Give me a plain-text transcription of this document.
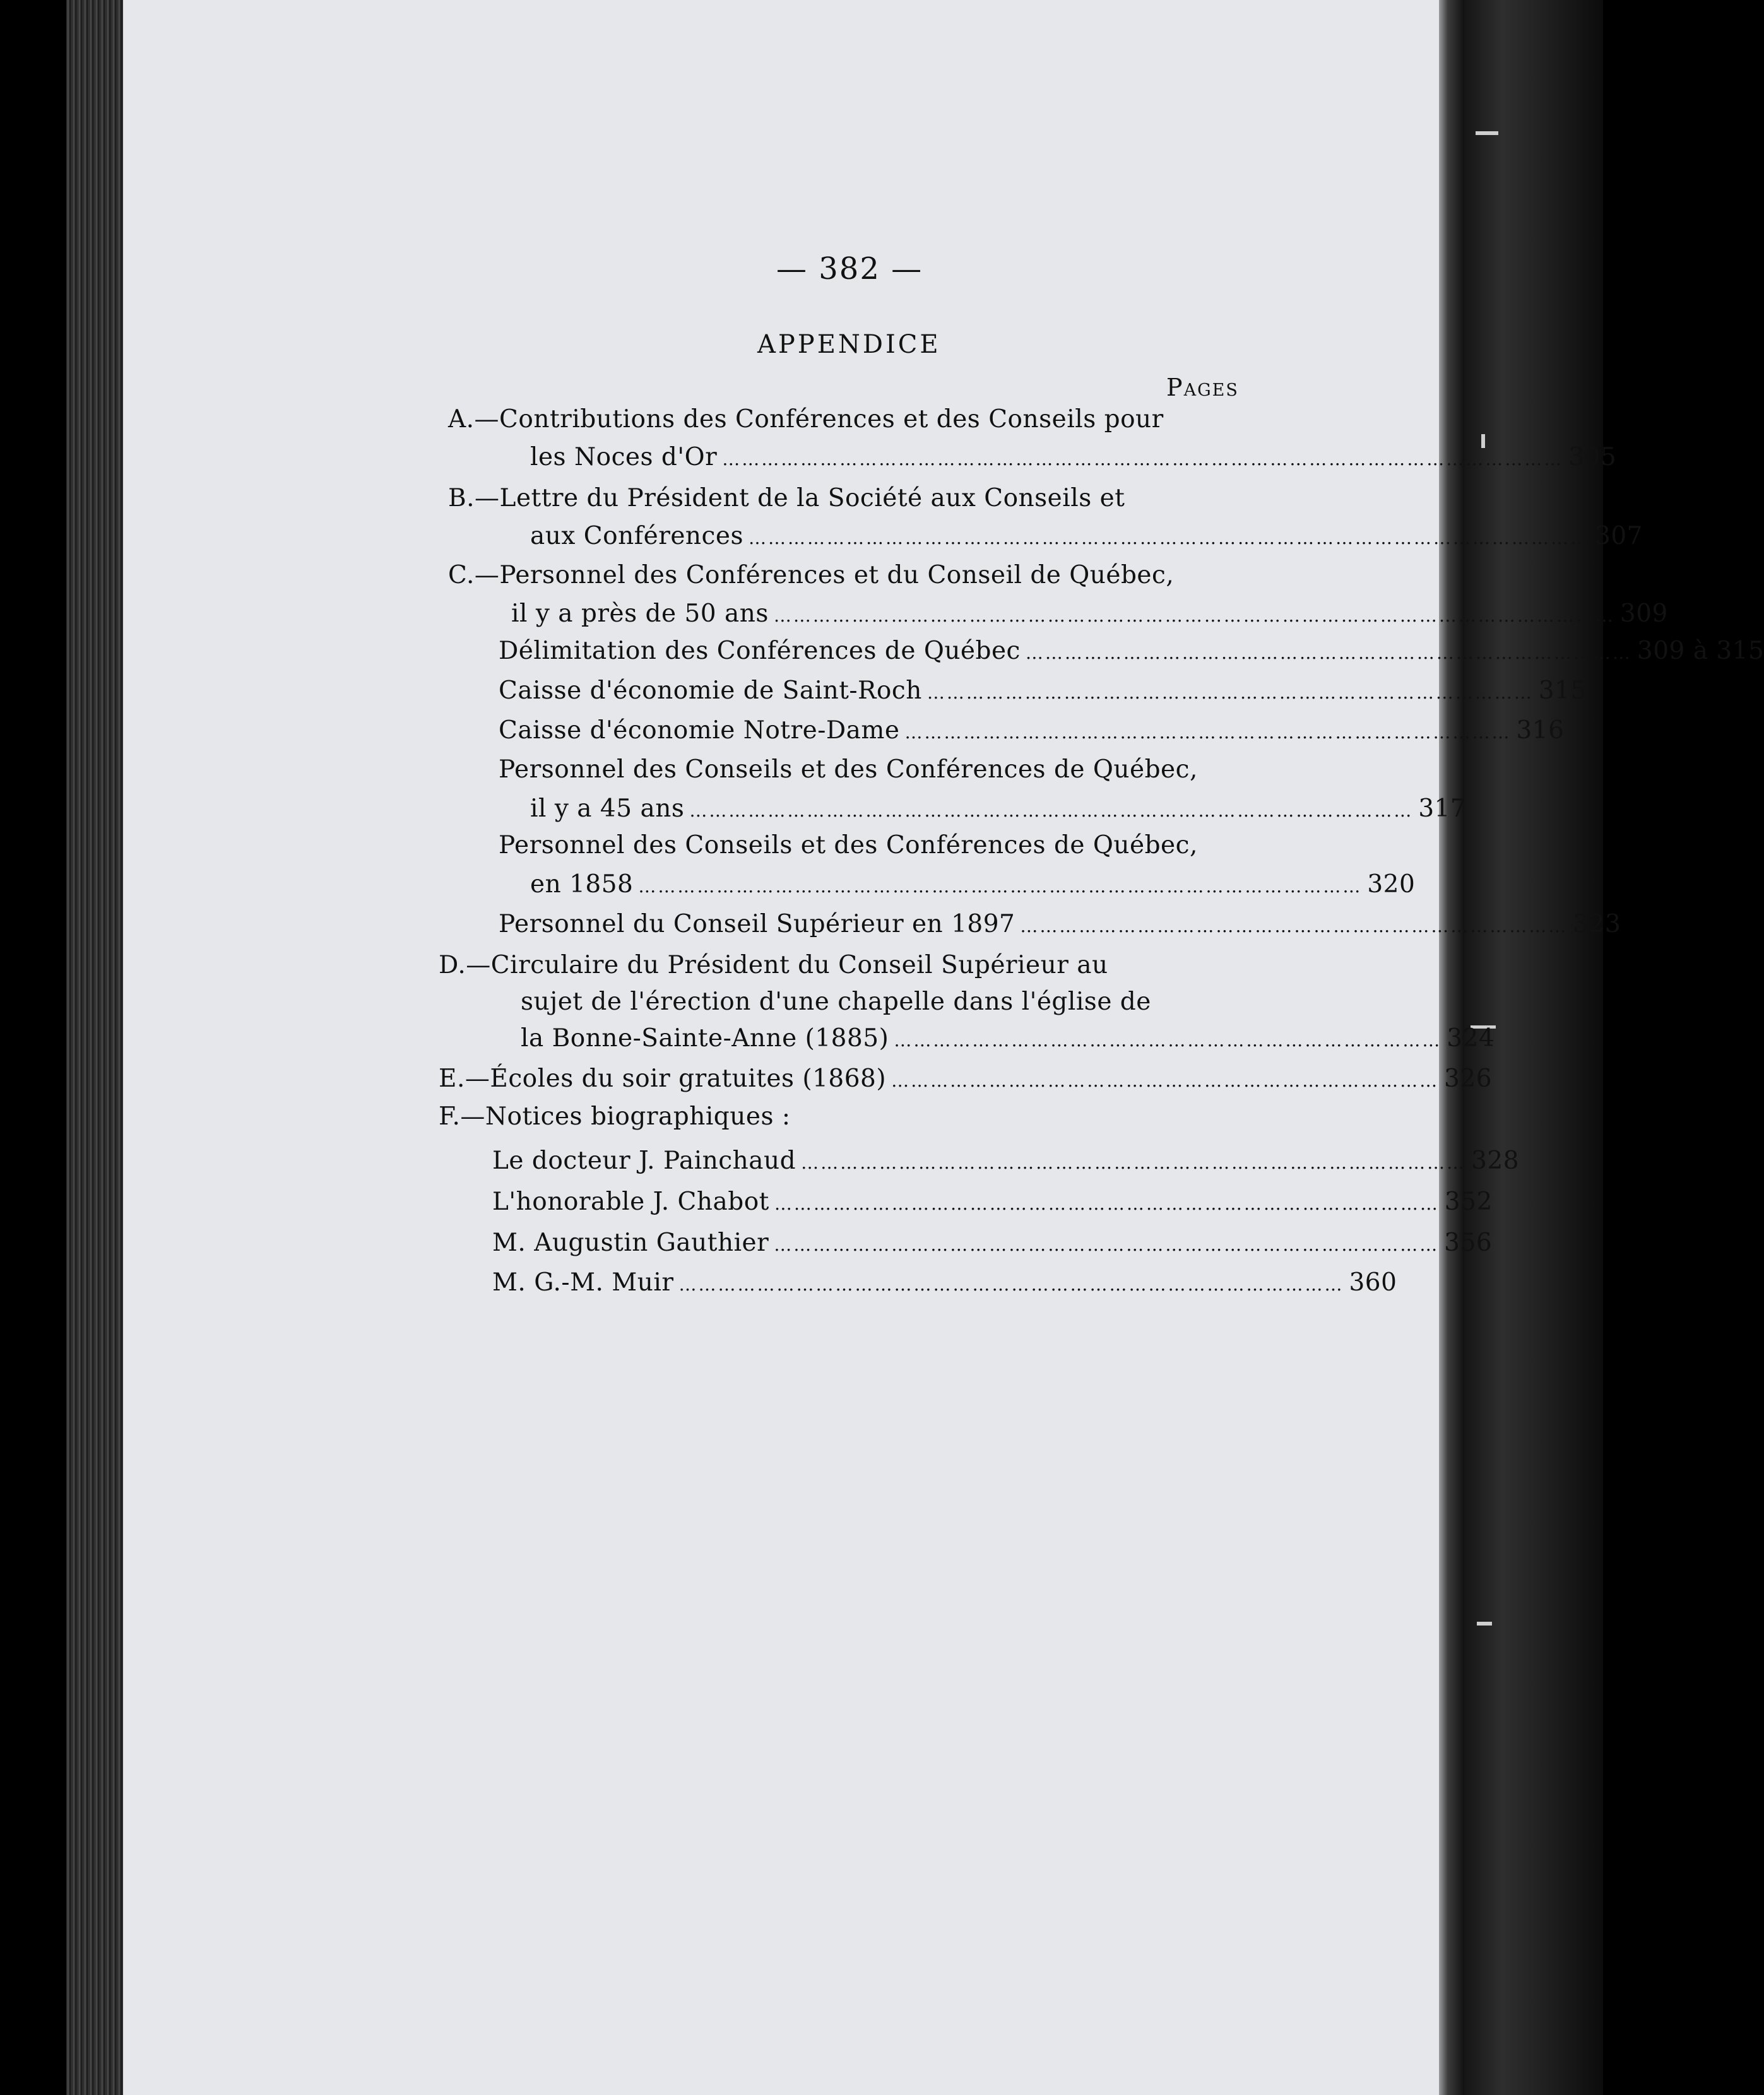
— 382 —
APPENDICE
Pages
A.—Contributions des Conférences et des Conseils pour
les Noces d'Or ………………………………………………………………………………………………………………… 305
B.—Lettre du Président de la Société aux Conseils et
aux Conférences ………………………………………………………………………………………………………………… 307
C.—Personnel des Conférences et du Conseil de Québec,
il y a près de 50 ans ………………………………………………………………………………………………………………… 309
Délimitation des Conférences de Québec ………………………………………………………………………………… 309 à 315
Caisse d'économie de Saint-Roch ………………………………………………………………………………… 315
Caisse d'économie Notre-Dame ………………………………………………………………………………… 316
Personnel des Conseils et des Conférences de Québec,
il y a 45 ans ………………………………………………………………………………………………… 317
Personnel des Conseils et des Conférences de Québec,
en 1858 ………………………………………………………………………………………………… 320
Personnel du Conseil Supérieur en 1897 ………………………………………………………………………… 323
D.—Circulaire du Président du Conseil Supérieur au
sujet de l'érection d'une chapelle dans l'église de
la Bonne-Sainte-Anne (1885) ………………………………………………………………………… 324
E.—Écoles du soir gratuites (1868) ………………………………………………………………………… 326
F.—Notices biographiques :
Le docteur J. Painchaud ………………………………………………………………………………………… 328
L'honorable J. Chabot ………………………………………………………………………………………… 352
M. Augustin Gauthier ………………………………………………………………………………………… 356
M. G.-M. Muir ………………………………………………………………………………………… 360
